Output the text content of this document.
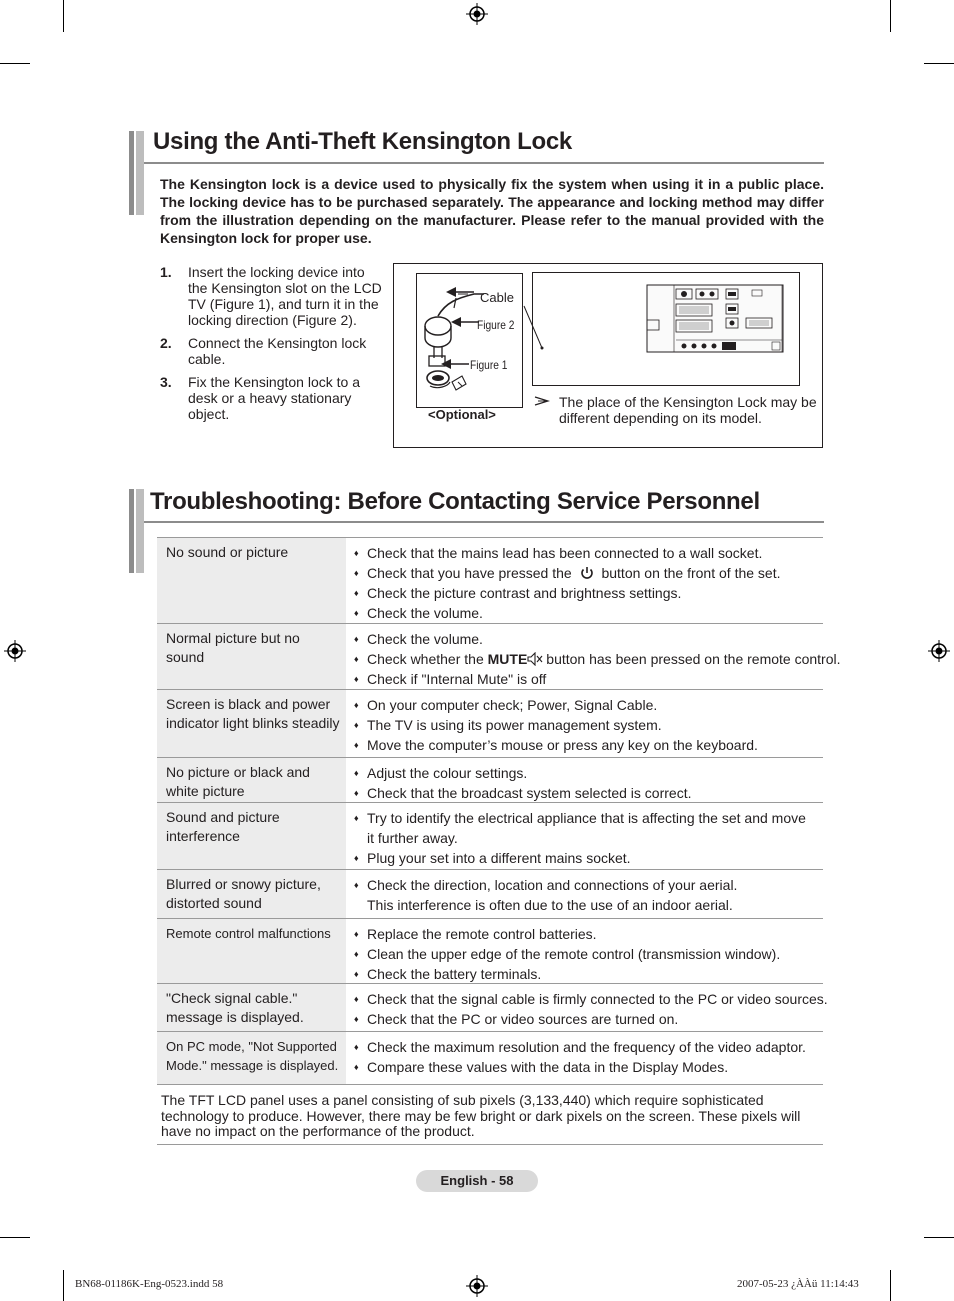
Using the Anti-Theft Kensington Lock
The Kensington lock is a device used to physically fix the system when using it in a public place. The locking device has to be purchased separately. The appearance and locking method may differ from the illustration depending on the manufacturer. Please refer to the manual provided with the Kensington lock for proper use.
1.	Insert the locking device into the Kensington slot on the LCD TV (Figure 1), and turn it in the locking direction (Figure 2).
2.	Connect the Kensington lock cable.
3.	Fix the Kensington lock to a desk or a heavy stationary object.
Cable
Figure 2
Figure 1
<Optional>
The place of the Kensington Lock may be different depending on its model.
Troubleshooting: Before Contacting Service Personnel
No sound or picture	♦ Check that the mains lead has been connected to a wall socket.
♦ Check that you have pressed the button on the front of the set.
♦ Check the picture contrast and brightness settings.
♦ Check the volume.
Normal picture but no sound
♦ Check the volume.
♦ Check whether the MUTE button has been pressed on the remote control.
♦ Check if "Internal Mute" is off
Screen is black and power indicator light blinks steadily
♦ On your computer check; Power, Signal Cable.
♦ The TV is using its power management system.
♦ Move the computer’s mouse or press any key on the keyboard.
No picture or black and white picture
♦ Adjust the colour settings.
♦ Check that the broadcast system selected is correct.
Sound and picture interference
♦ Try to identify the electrical appliance that is affecting the set and move it further away.
♦ Plug your set into a different mains socket.
Blurred or snowy picture, distorted sound
♦ Check the direction, location and connections of your aerial.
This interference is often due to the use of an indoor aerial.
Remote control malfunctions	♦ Replace the remote control batteries.
♦ Clean the upper edge of the remote control (transmission window).
♦ Check the battery terminals.
"Check signal cable." message is displayed.
♦ Check that the signal cable is firmly connected to the PC or video sources.
♦ Check that the PC or video sources are turned on.
On PC mode, "Not Supported Mode." message is displayed.
♦ Check the maximum resolution and the frequency of the video adaptor.
♦ Compare these values with the data in the Display Modes.
The TFT LCD panel uses a panel consisting of sub pixels (3,133,440) which require sophisticated technology to produce. However, there may be few bright or dark pixels on the screen. These pixels will have no impact on the performance of the product.
English - 58
BN68-01186K-Eng-0523.indd 58	2007-05-23 ¿ÀÀü 11:14:43
